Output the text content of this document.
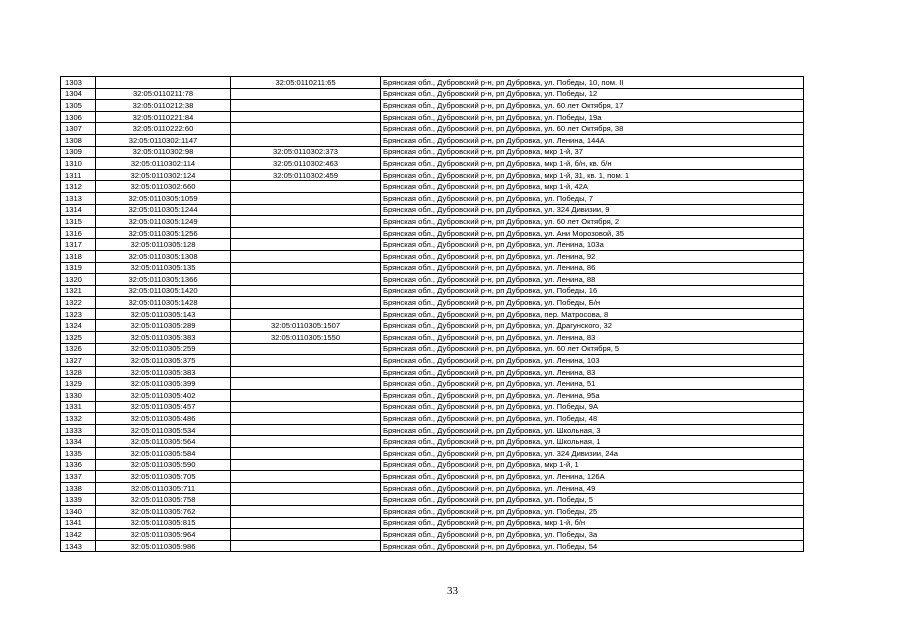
1303		32:05:0110211:65	Брянская обл., Дубровский р-н, рп Дубровка, ул. Победы, 10, пом. II
1304	32:05:0110211:78		Брянская обл., Дубровский р-н, рп Дубровка, ул. Победы, 12
1305	32:05:0110212:38		Брянская обл., Дубровский р-н, рп Дубровка, ул. 60 лет Октября, 17
1306	32:05:0110221:84		Брянская обл., Дубровский р-н, рп Дубровка, ул. Победы, 19а
1307	32:05:0110222:60		Брянская обл., Дубровский р-н, рп Дубровка, ул. 60 лет Октября, 38
1308	32:05:0110302:1147		Брянская обл., Дубровский р-н, рп Дубровка, ул. Ленина, 144А
1309	32:05:0110302:98	32:05:0110302:373	Брянская обл., Дубровский р-н, рп Дубровка, мкр 1-й, 37
1310	32:05:0110302:114	32:05:0110302:463	Брянская обл., Дубровский р-н, рп Дубровка, мкр 1-й, б/н, кв. б/н
1311	32:05:0110302:124	32:05:0110302:459	Брянская обл., Дубровский р-н, рп Дубровка, мкр 1-й, 31, кв. 1, пом. 1
1312	32:05:0110302:660		Брянская обл., Дубровский р-н, рп Дубровка, мкр 1-й, 42А
1313	32:05:0110305:1059		Брянская обл., Дубровский р-н, рп Дубровка, ул. Победы, 7
1314	32:05:0110305:1244		Брянская обл., Дубровский р-н, рп Дубровка, ул. 324 Дивизии, 9
1315	32:05:0110305:1249		Брянская обл., Дубровский р-н, рп Дубровка, ул. 60 лет Октября, 2
1316	32:05:0110305:1256		Брянская обл., Дубровский р-н, рп Дубровка, ул. Ани Морозовой, 35
1317	32:05:0110305:128		Брянская обл., Дубровский р-н, рп Дубровка, ул. Ленина, 103а
1318	32:05:0110305:1308		Брянская обл., Дубровский р-н, рп Дубровка, ул. Ленина, 92
1319	32:05:0110305:135		Брянская обл., Дубровский р-н, рп Дубровка, ул. Ленина, 86
1320	32:05:0110305:1366		Брянская обл., Дубровский р-н, рп Дубровка, ул. Ленина, 88
1321	32:05:0110305:1420		Брянская обл., Дубровский р-н, рп Дубровка, ул. Победы, 16
1322	32:05:0110305:1428		Брянская обл., Дубровский р-н, рп Дубровка, ул. Победы, Б/н
1323	32:05:0110305:143		Брянская обл., Дубровский р-н, рп Дубровка, пер. Матросова, 8
1324	32:05:0110305:289	32:05:0110305:1507	Брянская обл., Дубровский р-н, рп Дубровка, ул. Драгунского, 32
1325	32:05:0110305:383	32:05:0110305:1550	Брянская обл., Дубровский р-н, рп Дубровка, ул. Ленина, 83
1326	32:05:0110305:259		Брянская обл., Дубровский р-н, рп Дубровка, ул. 60 лет Октября, 5
1327	32:05:0110305:375		Брянская обл., Дубровский р-н, рп Дубровка, ул. Ленина, 103
1328	32:05:0110305:383		Брянская обл., Дубровский р-н, рп Дубровка, ул. Ленина, 83
1329	32:05:0110305:399		Брянская обл., Дубровский р-н, рп Дубровка, ул. Ленина, 51
1330	32:05:0110305:402		Брянская обл., Дубровский р-н, рп Дубровка, ул. Ленина, 95а
1331	32:05:0110305:457		Брянская обл., Дубровский р-н, рп Дубровка, ул. Победы, 9А
1332	32:05:0110305:486		Брянская обл., Дубровский р-н, рп Дубровка, ул. Победы, 48
1333	32:05:0110305:534		Брянская обл., Дубровский р-н, рп Дубровка, ул. Школьная, 3
1334	32:05:0110305:564		Брянская обл., Дубровский р-н, рп Дубровка, ул. Школьная, 1
1335	32:05:0110305:584		Брянская обл., Дубровский р-н, рп Дубровка, ул. 324 Дивизии, 24а
1336	32:05:0110305:590		Брянская обл., Дубровский р-н, рп Дубровка, мкр 1-й, 1
1337	32:05:0110305:705		Брянская обл., Дубровский р-н, рп Дубровка, ул. Ленина, 126А
1338	32:05:0110305:711		Брянская обл., Дубровский р-н, рп Дубровка, ул. Ленина, 49
1339	32:05:0110305:758		Брянская обл., Дубровский р-н, рп Дубровка, ул. Победы, 5
1340	32:05:0110305:762		Брянская обл., Дубровский р-н, рп Дубровка, ул. Победы, 25
1341	32:05:0110305:815		Брянская обл., Дубровский р-н, рп Дубровка, мкр 1-й, б/н
1342	32:05:0110305:964		Брянская обл., Дубровский р-н, рп Дубровка, ул. Победы, 3а
1343	32:05:0110305:986		Брянская обл., Дубровский р-н, рп Дубровка, ул. Победы, 54
33
